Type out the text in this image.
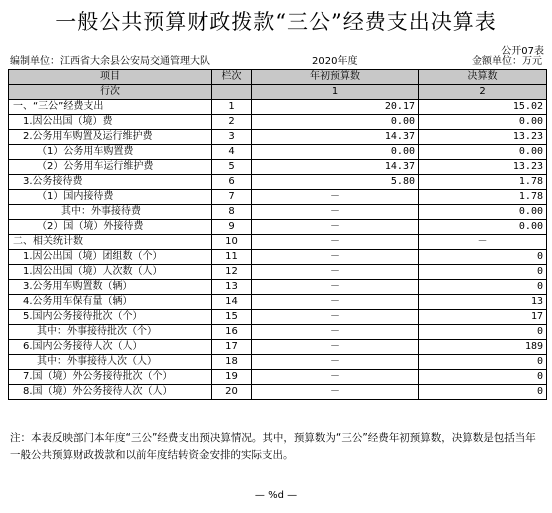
一般公共预算财政拨款“三公”经费支出决算表
公开07表
编制单位：江西省大余县公安局交通管理大队	2020年度	金额单位：万元
项目	栏次	年初预算数	决算数
行次		1	2
一、“三公”经费支出	1	20.17	15.02
1.因公出国（境）费	2	0.00	0.00
2.公务用车购置及运行维护费	3	14.37	13.23
（1）公务用车购置费	4	0.00	0.00
（2）公务用车运行维护费	5	14.37	13.23
3.公务接待费	6	5.80	1.78
（1）国内接待费	7	－	1.78
其中：外事接待费	8	－	0.00
（2）国（境）外接待费	9	－	0.00
二、相关统计数	10	－	－
1.因公出国（境）团组数（个）	11	－	0
1.因公出国（境）人次数（人）	12	－	0
3.公务用车购置数（辆）	13	－	0
4.公务用车保有量（辆）	14	－	13
5.国内公务接待批次（个）	15	－	17
其中：外事接待批次（个）	16	－	0
6.国内公务接待人次（人）	17	－	189
其中：外事接待人次（人）	18	－	0
7.国（境）外公务接待批次（个）	19	－	0
8.国（境）外公务接待人次（人）	20	－	0
注：本表反映部门本年度“三公”经费支出预决算情况。其中，预算数为“三公”经费年初预算数，决算数是包括当年一般公共预算财政拨款和以前年度结转资金安排的实际支出。
— %d —
